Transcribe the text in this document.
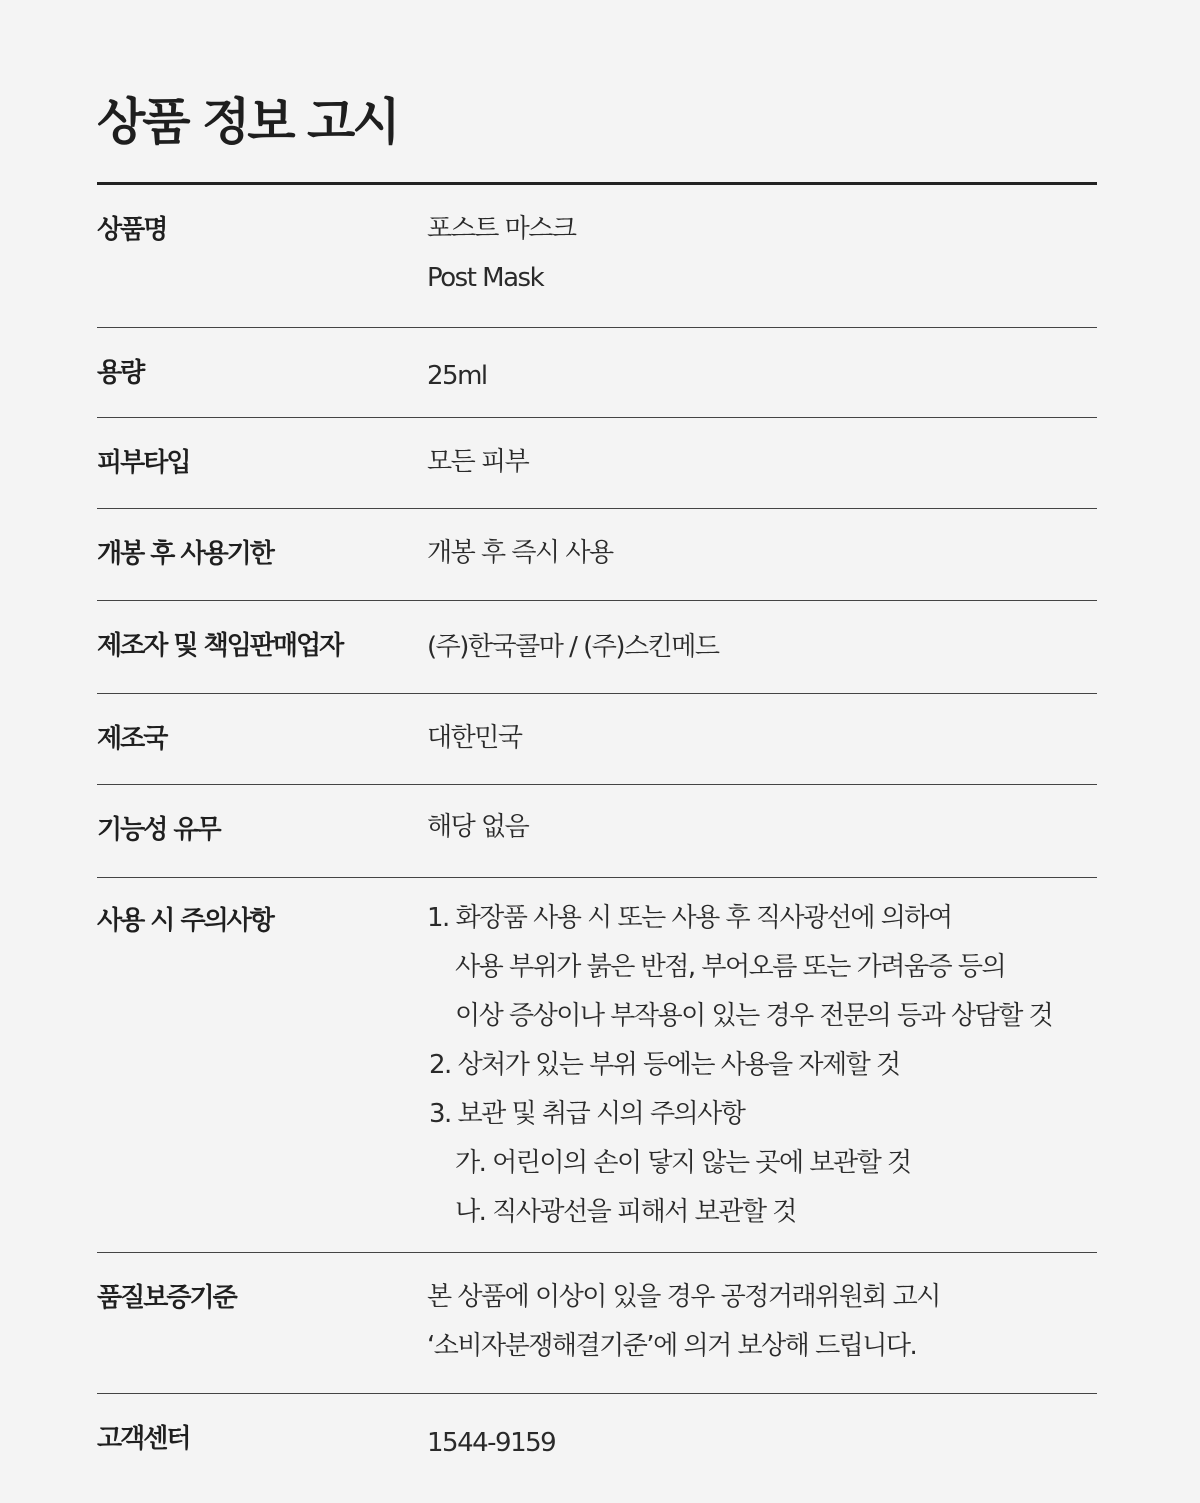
상품 정보 고시
상품명	포스트 마스크
Post Mask
용량	25ml
피부타입	모든 피부
개봉 후 사용기한	개봉 후 즉시 사용
제조자 및 책임판매업자	(주)한국콜마 / (주)스킨메드
제조국	대한민국
기능성 유무	해당 없음
사용 시 주의사항	1. 화장품 사용 시 또는 사용 후 직사광선에 의하여
사용 부위가 붉은 반점, 부어오름 또는 가려움증 등의
이상 증상이나 부작용이 있는 경우 전문의 등과 상담할 것
2. 상처가 있는 부위 등에는 사용을 자제할 것
3. 보관 및 취급 시의 주의사항
가. 어린이의 손이 닿지 않는 곳에 보관할 것
나. 직사광선을 피해서 보관할 것
품질보증기준	본 상품에 이상이 있을 경우 공정거래위원회 고시
‘소비자분쟁해결기준’에 의거 보상해 드립니다.
고객센터	1544-9159
